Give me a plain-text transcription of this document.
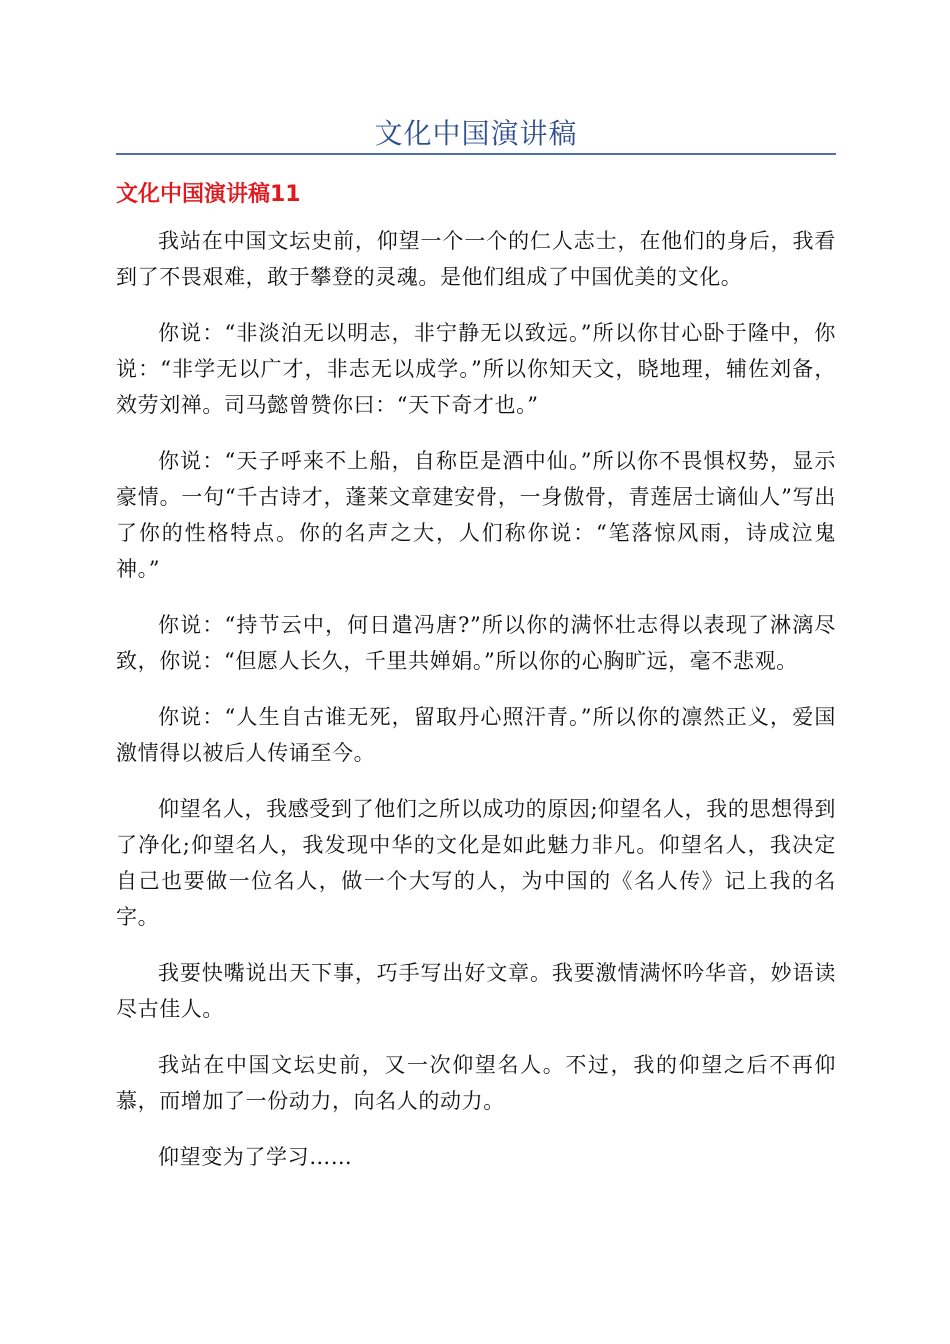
文化中国演讲稿
文化中国演讲稿11

我站在中国文坛史前，仰望一个一个的仁人志士，在他们的身后，我看到了不畏艰难，敢于攀登的灵魂。是他们组成了中国优美的文化。

你说：“非淡泊无以明志，非宁静无以致远。”所以你甘心卧于隆中，你说：“非学无以广才，非志无以成学。”所以你知天文，晓地理，辅佐刘备，效劳刘禅。司马懿曾赞你曰：“天下奇才也。”

你说：“天子呼来不上船，自称臣是酒中仙。”所以你不畏惧权势，显示豪情。一句“千古诗才，蓬莱文章建安骨，一身傲骨，青莲居士谪仙人”写出了你的性格特点。你的名声之大，人们称你说：“笔落惊风雨，诗成泣鬼神。”

你说：“持节云中，何日遣冯唐?”所以你的满怀壮志得以表现了淋漓尽致，你说：“但愿人长久，千里共婵娟。”所以你的心胸旷远，毫不悲观。

你说：“人生自古谁无死，留取丹心照汗青。”所以你的凛然正义，爱国激情得以被后人传诵至今。

仰望名人，我感受到了他们之所以成功的原因;仰望名人，我的思想得到了净化;仰望名人，我发现中华的文化是如此魅力非凡。仰望名人，我决定自己也要做一位名人，做一个大写的人，为中国的《名人传》记上我的名字。

我要快嘴说出天下事，巧手写出好文章。我要激情满怀吟华音，妙语读尽古佳人。

我站在中国文坛史前，又一次仰望名人。不过，我的仰望之后不再仰慕，而增加了一份动力，向名人的动力。

仰望变为了学习……
